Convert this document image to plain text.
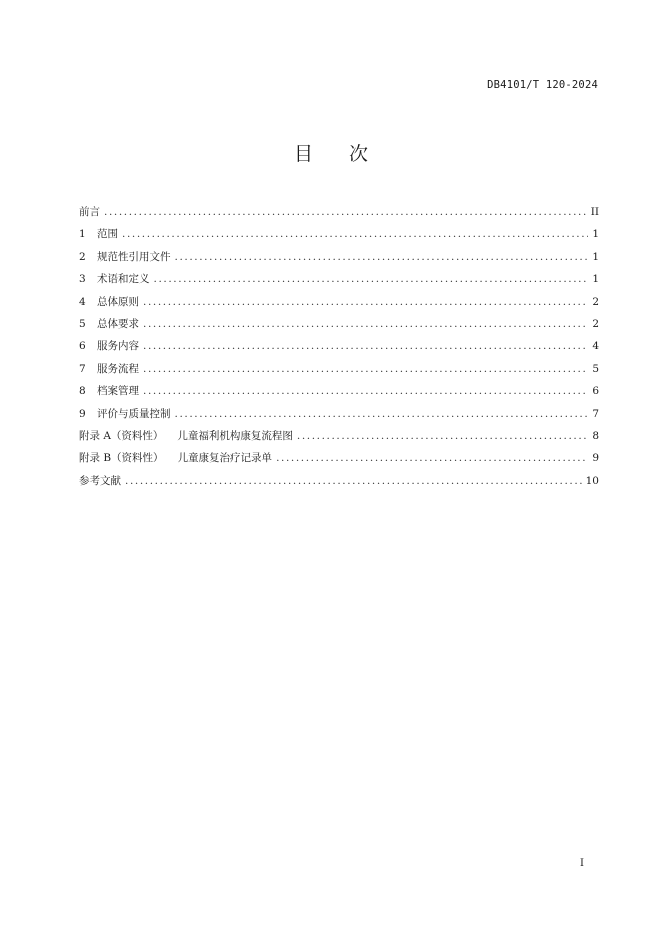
DB4101/T 120-2024
目 次
前言 .....	II
1	范围 .....	1
2	规范性引用文件 .....	1
3	术语和定义 .....	1
4	总体原则 .....	2
5	总体要求 .....	2
6	服务内容 .....	4
7	服务流程 .....	5
8	档案管理 .....	6
9	评价与质量控制 .....	7
附录 A（资料性） 儿童福利机构康复流程图 .....	8
附录 B（资料性） 儿童康复治疗记录单 .....	9
参考文献 .....	10
I
